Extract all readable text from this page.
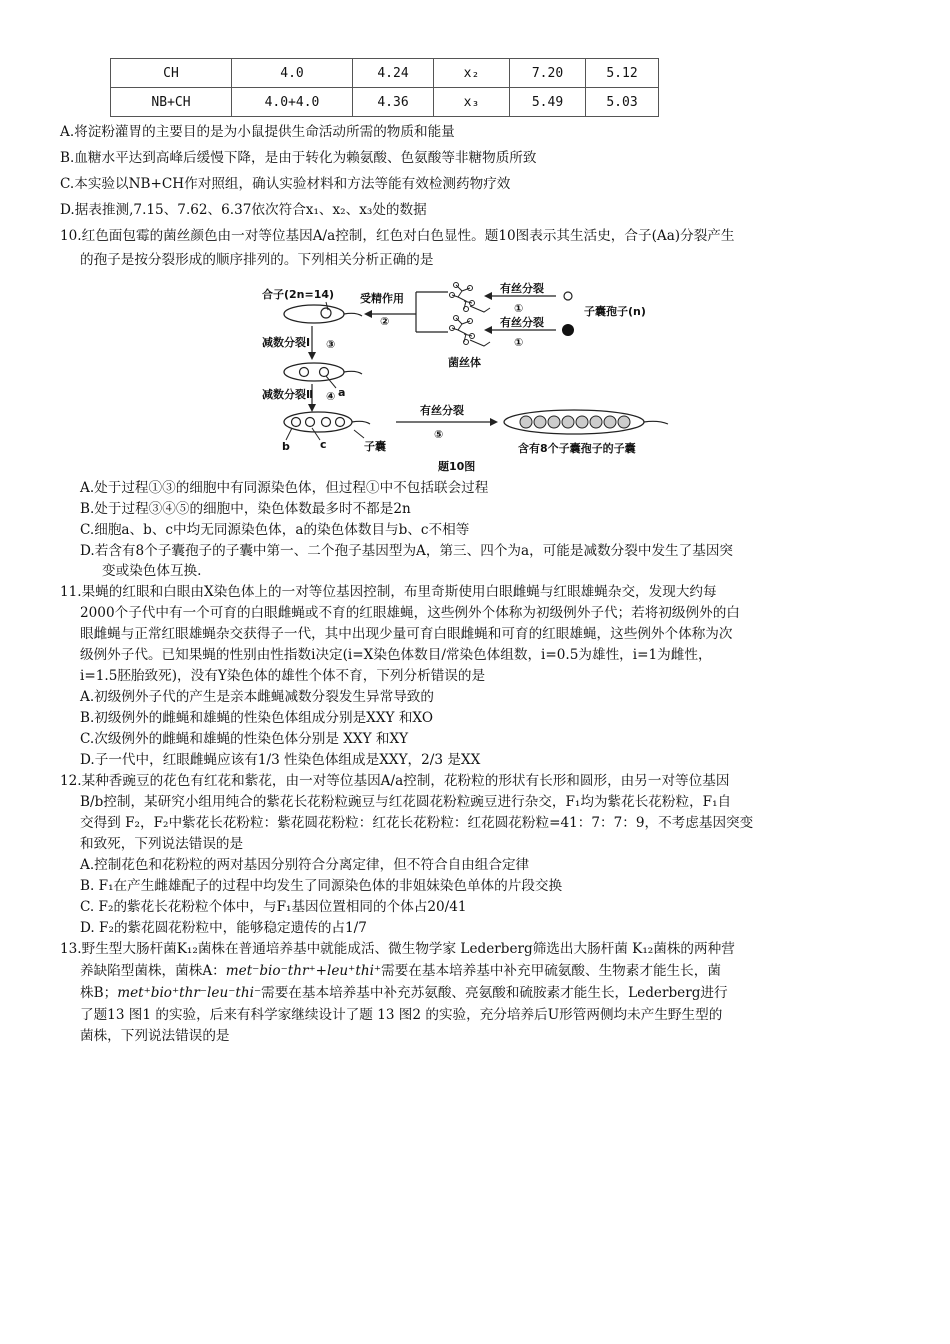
CH	4.0	4.24	x₂	7.20	5.12
NB+CH	4.0+4.0	4.36	x₃	5.49	5.03
A.将淀粉灌胃的主要目的是为小鼠提供生命活动所需的物质和能量
B.血糖水平达到高峰后缓慢下降，是由于转化为赖氨酸、色氨酸等非糖物质所致
C.本实验以NB+CH作对照组，确认实验材料和方法等能有效检测药物疗效
D.据表推测,7.15、7.62、6.37依次符合x₁、x₂、x₃处的数据
10.红色面包霉的菌丝颜色由一对等位基因A/a控制，红色对白色显性。题10图表示其生活史，合子(Aa)分裂产生
的孢子是按分裂形成的顺序排列的。下列相关分析正确的是
合子(2n=14) 受精作用
②
有丝分裂
①	子囊孢子(n)
有丝分裂
①
菌丝体
减数分裂Ⅰ ③
a
减数分裂Ⅱ ④
b	c	子囊
有丝分裂
⑤
含有8个子囊孢子的子囊
题10图
A.处于过程①③的细胞中有同源染色体，但过程①中不包括联会过程
B.处于过程③④⑤的细胞中，染色体数最多时不都是2n
C.细胞a、b、c中均无同源染色体，a的染色体数目与b、c不相等
D.若含有8个子囊孢子的子囊中第一、二个孢子基因型为A，第三、四个为a，可能是减数分裂中发生了基因突
变或染色体互换.
11.果蝇的红眼和白眼由X染色体上的一对等位基因控制，布里奇斯使用白眼雌蝇与红眼雄蝇杂交，发现大约每
2000个子代中有一个可育的白眼雌蝇或不育的红眼雄蝇，这些例外个体称为初级例外子代；若将初级例外的白
眼雌蝇与正常红眼雄蝇杂交获得子一代，其中出现少量可育白眼雌蝇和可育的红眼雄蝇，这些例外个体称为次
级例外子代。已知果蝇的性别由性指数i决定(i=X染色体数目/常染色体组数，i=0.5为雄性，i=1为雌性，
i=1.5胚胎致死)，没有Y染色体的雄性个体不育，下列分析错误的是
A.初级例外子代的产生是亲本雌蝇减数分裂发生异常导致的
B.初级例外的雌蝇和雄蝇的性染色体组成分别是XXY 和XO
C.次级例外的雌蝇和雄蝇的性染色体分别是 XXY 和XY
D.子一代中，红眼雌蝇应该有1/3 性染色体组成是XXY，2/3 是XX
12.某种香豌豆的花色有红花和紫花，由一对等位基因A/a控制，花粉粒的形状有长形和圆形，由另一对等位基因
B/b控制，某研究小组用纯合的紫花长花粉粒豌豆与红花圆花粉粒豌豆进行杂交，F₁均为紫花长花粉粒，F₁自
交得到 F₂，F₂中紫花长花粉粒：紫花圆花粉粒：红花长花粉粒：红花圆花粉粒=41：7：7：9，不考虑基因突变
和致死，下列说法错误的是
A.控制花色和花粉粒的两对基因分别符合分离定律，但不符合自由组合定律
B. F₁在产生雌雄配子的过程中均发生了同源染色体的非姐妹染色单体的片段交换
C. F₂的紫花长花粉粒个体中，与F₁基因位置相同的个体占20/41
D. F₂的紫花圆花粉粒中，能够稳定遗传的占1/7
13.野生型大肠杆菌K₁₂菌株在普通培养基中就能成活、微生物学家 Lederberg筛选出大肠杆菌 K₁₂菌株的两种营
养缺陷型菌株，菌株A：met⁻bio⁻thr⁺+leu⁺thi⁺需要在基本培养基中补充甲硫氨酸、生物素才能生长，菌
株B；met⁺bio⁺thr⁻leu⁻thi⁻需要在基本培养基中补充苏氨酸、亮氨酸和硫胺素才能生长，Lederberg进行
了题13 图1 的实验，后来有科学家继续设计了题 13 图2 的实验，充分培养后U形管两侧均未产生野生型的
菌株，下列说法错误的是
